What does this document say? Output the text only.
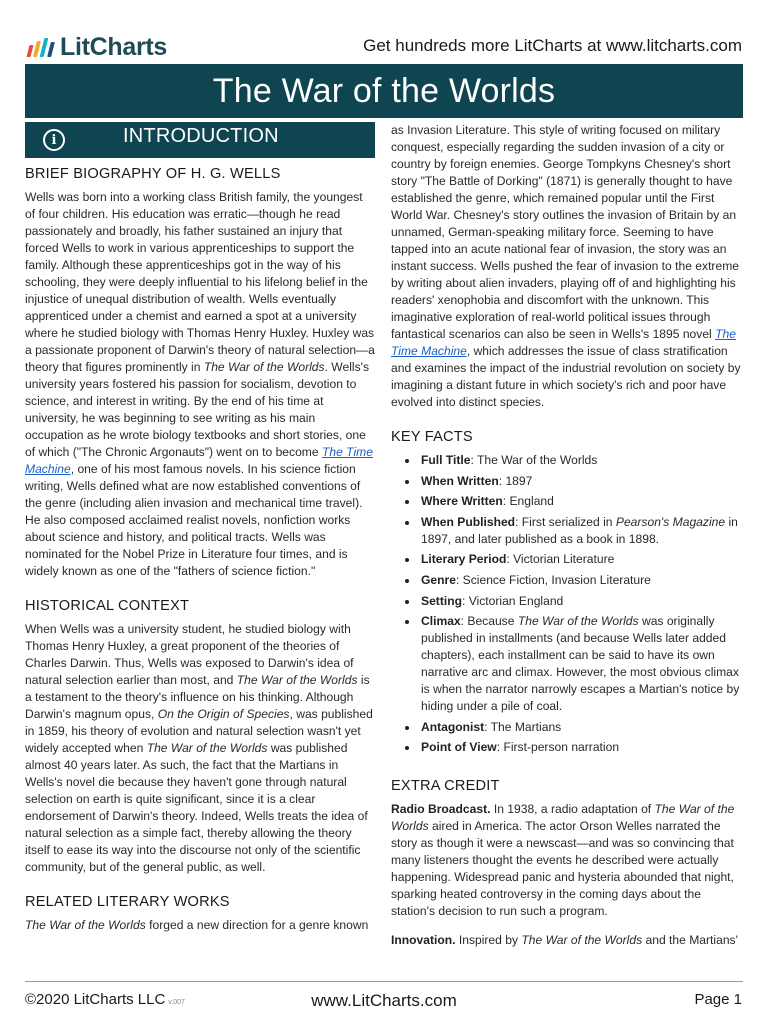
LitCharts	Get hundreds more LitCharts at www.litcharts.com
The War of the Worlds
i	INTRODUCTION
BRIEF BIOGRAPHY OF H. G. WELLS

Wells was born into a working class British family, the youngest of four children. His education was erratic—though he read passionately and broadly, his father sustained an injury that forced Wells to work in various apprenticeships to support the family. Although these apprenticeships got in the way of his schooling, they were deeply influential to his lifelong belief in the injustice of unequal distribution of wealth. Wells eventually apprenticed under a chemist and earned a spot at a university where he studied biology with Thomas Henry Huxley. Huxley was a passionate proponent of Darwin's theory of natural selection—a theory that figures prominently in The War of the Worlds. Wells's university years fostered his passion for socialism, devotion to science, and interest in writing. By the end of his time at university, he was beginning to see writing as his main occupation as he wrote biology textbooks and short stories, one of which ("The Chronic Argonauts") went on to become The Time Machine, one of his most famous novels. In his science fiction writing, Wells defined what are now established conventions of the genre (including alien invasion and mechanical time travel). He also composed acclaimed realist novels, nonfiction works about science and history, and political tracts. Wells was nominated for the Nobel Prize in Literature four times, and is widely known as one of the "fathers of science fiction."

HISTORICAL CONTEXT

When Wells was a university student, he studied biology with Thomas Henry Huxley, a great proponent of the theories of Charles Darwin. Thus, Wells was exposed to Darwin's idea of natural selection earlier than most, and The War of the Worlds is a testament to the theory's influence on his thinking. Although Darwin's magnum opus, On the Origin of Species, was published in 1859, his theory of evolution and natural selection wasn't yet widely accepted when The War of the Worlds was published almost 40 years later. As such, the fact that the Martians in Wells's novel die because they haven't gone through natural selection on earth is quite significant, since it is a clear endorsement of Darwin's theory. Indeed, Wells treats the idea of natural selection as a simple fact, thereby allowing the theory itself to ease its way into the discourse not only of the scientific community, but of the general public, as well.

RELATED LITERARY WORKS

The War of the Worlds forged a new direction for a genre known

as Invasion Literature. This style of writing focused on military conquest, especially regarding the sudden invasion of a city or country by foreign enemies. George Tompkyns Chesney's short story "The Battle of Dorking" (1871) is generally thought to have established the genre, which remained popular until the First World War. Chesney's story outlines the invasion of Britain by an unnamed, German-speaking military force. Seeming to have tapped into an acute national fear of invasion, the story was an instant success. Wells pushed the fear of invasion to the extreme by writing about alien invaders, playing off of and highlighting his readers' xenophobia and discomfort with the unknown. This imaginative exploration of real-world political issues through fantastical scenarios can also be seen in Wells's 1895 novel The Time Machine, which addresses the issue of class stratification and examines the impact of the industrial revolution on society by imagining a distant future in which society's rich and poor have evolved into distinct species.

KEY FACTS
Full Title: The War of the Worlds
When Written: 1897
Where Written: England
When Published: First serialized in Pearson's Magazine in 1897, and later published as a book in 1898.
Literary Period: Victorian Literature
Genre: Science Fiction, Invasion Literature
Setting: Victorian England
Climax: Because The War of the Worlds was originally published in installments (and because Wells later added chapters), each installment can be said to have its own narrative arc and climax. However, the most obvious climax is when the narrator narrowly escapes a Martian's notice by hiding under a pile of coal.
Antagonist: The Martians
Point of View: First-person narration
EXTRA CREDIT

Radio Broadcast. In 1938, a radio adaptation of The War of the Worlds aired in America. The actor Orson Welles narrated the story as though it were a newscast—and was so convincing that many listeners thought the events he described were actually happening. Widespread panic and hysteria abounded that night, sparking heated controversy in the coming days about the station's decision to run such a program.

Innovation. Inspired by The War of the Worlds and the Martians'

©2020 LitCharts LLC v.007	www.LitCharts.com	Page 1
